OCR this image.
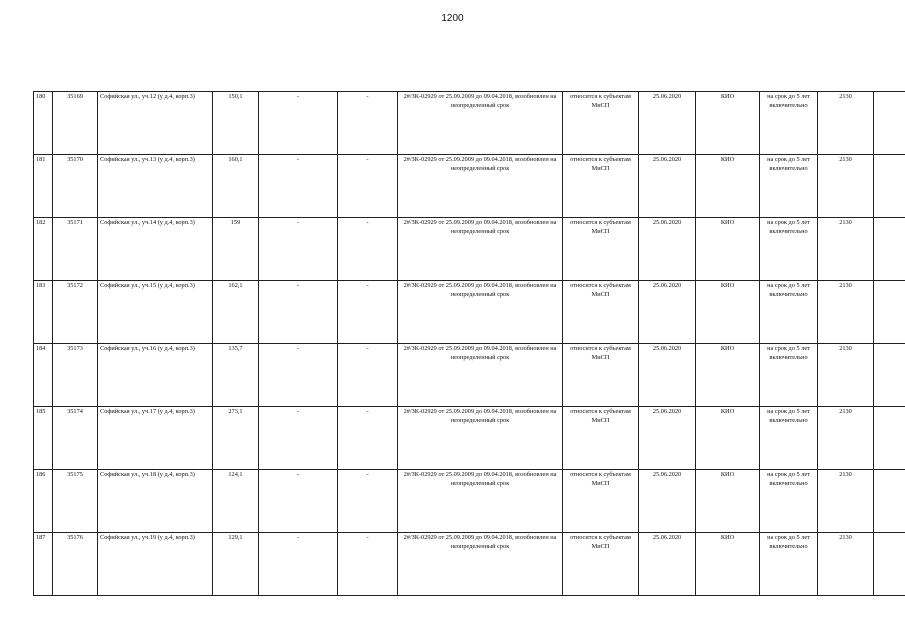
1200
180	35169	Софийская ул., уч.12 (у д.4, корп.3)	150,1	-	-	2#/ЗК-02929 от 25.09.2009 до 09.04.2018, возобновлен на неопределенный срок	относится к субъектам МиСП	25.06.2020	КИО	на срок до 5 лет включительно	2130	
181	35170	Софийская ул., уч.13 (у д.4, корп.3)	160,1	-	-	2#/ЗК-02929 от 25.09.2009 до 09.04.2018, возобновлен на неопределенный срок	относится к субъектам МиСП	25.06.2020	КИО	на срок до 5 лет включительно	2130	
182	35171	Софийская ул., уч.14 (у д.4, корп.3)	159	-	-	2#/ЗК-02929 от 25.09.2009 до 09.04.2018, возобновлен на неопределенный срок	относится к субъектам МиСП	25.06.2020	КИО	на срок до 5 лет включительно	2130	
183	35172	Софийская ул., уч.15 (у д.4, корп.3)	162,1	-	-	2#/ЗК-02929 от 25.09.2009 до 09.04.2018, возобновлен на неопределенный срок	относится к субъектам МиСП	25.06.2020	КИО	на срок до 5 лет включительно	2130	
184	35173	Софийская ул., уч.16 (у д.4, корп.3)	135,7	-	-	2#/ЗК-02929 от 25.09.2009 до 09.04.2018, возобновлен на неопределенный срок	относится к субъектам МиСП	25.06.2020	КИО	на срок до 5 лет включительно	2130	
185	35174	Софийская ул., уч.17 (у д.4, корп.3)	273,1	-	-	2#/ЗК-02929 от 25.09.2009 до 09.04.2018, возобновлен на неопределенный срок	относится к субъектам МиСП	25.06.2020	КИО	на срок до 5 лет включительно	2130	
186	35175	Софийская ул., уч.18 (у д.4, корп.3)	124,1	-	-	2#/ЗК-02929 от 25.09.2009 до 09.04.2018, возобновлен на неопределенный срок	относится к субъектам МиСП	25.06.2020	КИО	на срок до 5 лет включительно	2130	
187	35176	Софийская ул., уч.19 (у д.4, корп.3)	129,1	-	-	2#/ЗК-02929 от 25.09.2009 до 09.04.2018, возобновлен на неопределенный срок	относится к субъектам МиСП	25.06.2020	КИО	на срок до 5 лет включительно	2130	
